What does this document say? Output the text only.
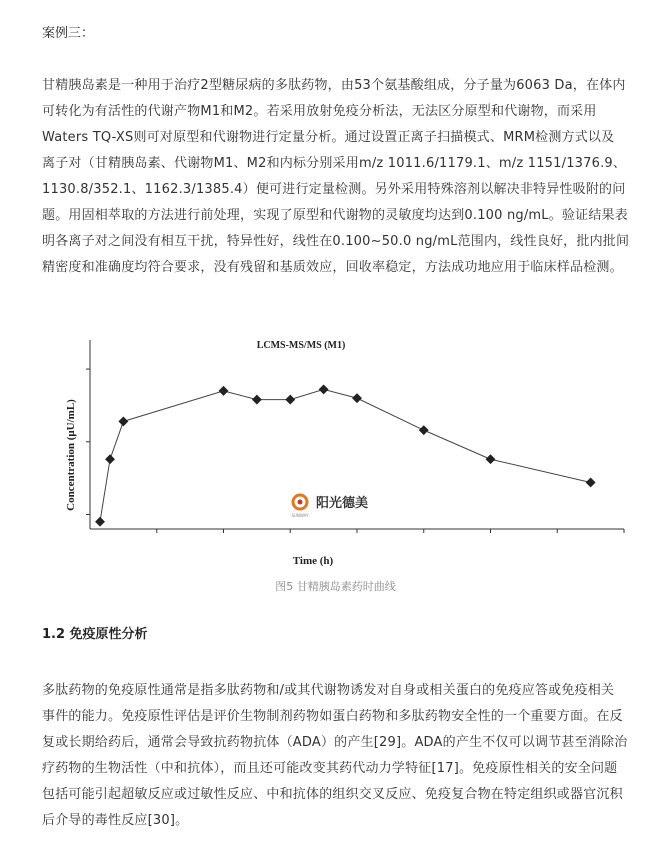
案例三：
甘精胰岛素是一种用于治疗2型糖尿病的多肽药物，由53个氨基酸组成，分子量为6063 Da，在体内
可转化为有活性的代谢产物M1和M2。若采用放射免疫分析法，无法区分原型和代谢物，而采用
Waters TQ-XS则可对原型和代谢物进行定量分析。通过设置正离子扫描模式、MRM检测方式以及
离子对（甘精胰岛素、代谢物M1、M2和内标分别采用m/z 1011.6/1179.1、m/z 1151/1376.9、
1130.8/352.1、1162.3/1385.4）便可进行定量检测。另外采用特殊溶剂以解决非特异性吸附的问
题。用固相萃取的方法进行前处理，实现了原型和代谢物的灵敏度均达到0.100 ng/mL。验证结果表
明各离子对之间没有相互干扰，特异性好，线性在0.100~50.0 ng/mL范围内，线性良好，批内批间
精密度和准确度均符合要求，没有残留和基质效应，回收率稳定，方法成功地应用于临床样品检测。
LCMS-MS/MS (M1)
Time (h)
Concentration (μU/mL)
SUNWAY
阳光德美
图5 甘精胰岛素药时曲线
1.2 免疫原性分析
多肽药物的免疫原性通常是指多肽药物和/或其代谢物诱发对自身或相关蛋白的免疫应答或免疫相关
事件的能力。免疫原性评估是评价生物制剂药物如蛋白药物和多肽药物安全性的一个重要方面。在反
复或长期给药后，通常会导致抗药物抗体（ADA）的产生[29]。ADA的产生不仅可以调节甚至消除治
疗药物的生物活性（中和抗体），而且还可能改变其药代动力学特征[17]。免疫原性相关的安全问题
包括可能引起超敏反应或过敏性反应、中和抗体的组织交叉反应、免疫复合物在特定组织或器官沉积
后介导的毒性反应[30]。
